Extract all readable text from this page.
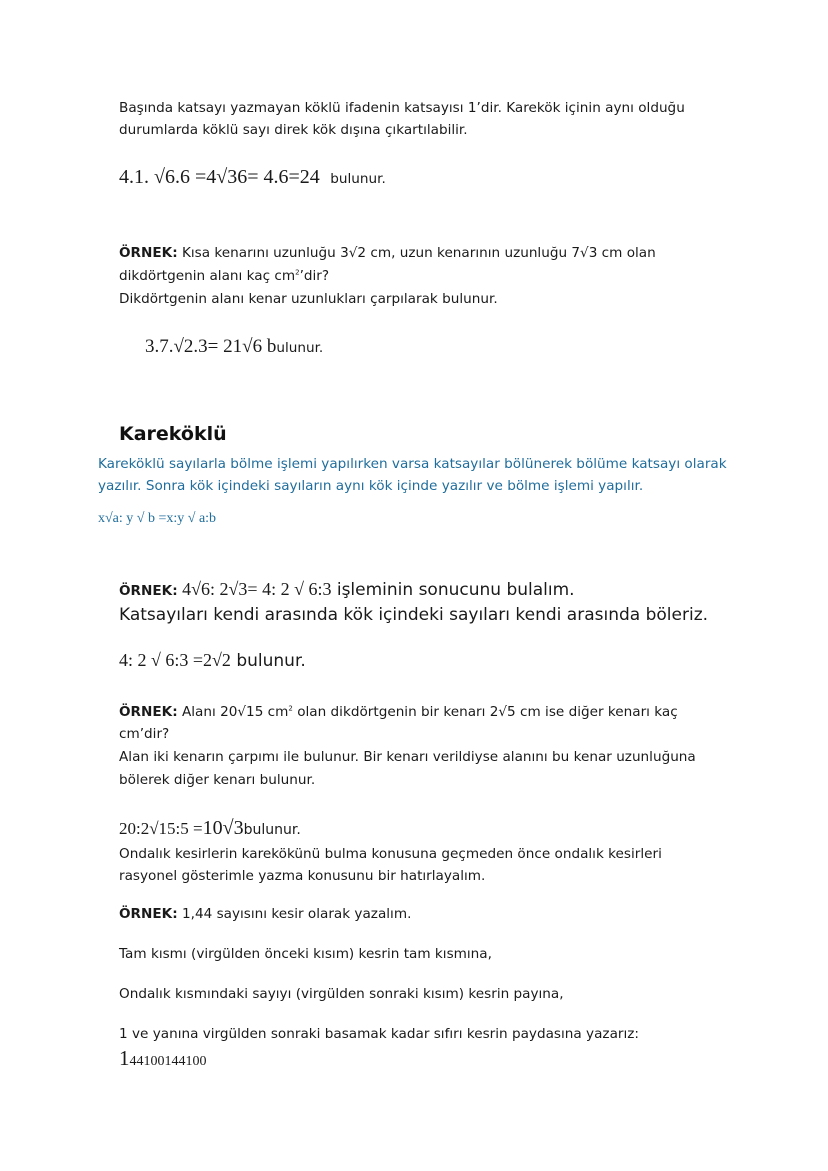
Başında katsayı yazmayan köklü ifadenin katsayısı 1’dir. Karekök içinin aynı olduğu
durumlarda köklü sayı direk kök dışına çıkartılabilir.
4.1. √6.6 =4√36= 4.6=24 bulunur.
ÖRNEK: Kısa kenarını uzunluğu 3√2 cm, uzun kenarının uzunluğu 7√3 cm olan
dikdörtgenin alanı kaç $cm^2’dir$?
Dikdörtgenin alanı kenar uzunlukları çarpılarak bulunur.
3.7.√2.3= 21√6 bulunur.
Kareköklü
Kareköklü sayılarla bölme işlemi yapılırken varsa katsayılar bölünerek bölüme katsayı olarak
yazılır. Sonra kök içindeki sayıların aynı kök içinde yazılır ve bölme işlemi yapılır.
x√a: y √ b =x:y √ a:b
ÖRNEK: 4√6: 2√3= 4: 2 √ 6:3 işleminin sonucunu bulalım.
Katsayıları kendi arasında kök içindeki sayıları kendi arasında böleriz.
4: 2 √ 6:3 =2√2 bulunur.
ÖRNEK: Alanı 20√15 $cm^2$ olan dikdörtgenin bir kenarı 2√5 cm ise diğer kenarı kaç
cm’dir?
Alan iki kenarın çarpımı ile bulunur. Bir kenarı verildiyse alanını bu kenar uzunluğuna
bölerek diğer kenarı bulunur.
20:2√15:5 =10√3bulunur.
Ondalık kesirlerin karekökünü bulma konusuna geçmeden önce ondalık kesirleri
rasyonel gösterimle yazma konusunu bir hatırlayalım.
ÖRNEK: 1,44 sayısını kesir olarak yazalım.
Tam kısmı (virgülden önceki kısım) kesrin tam kısmına,
Ondalık kısmındaki sayıyı (virgülden sonraki kısım) kesrin payına,
1 ve yanına virgülden sonraki basamak kadar sıfırı kesrin paydasına yazarız:
144100144100
